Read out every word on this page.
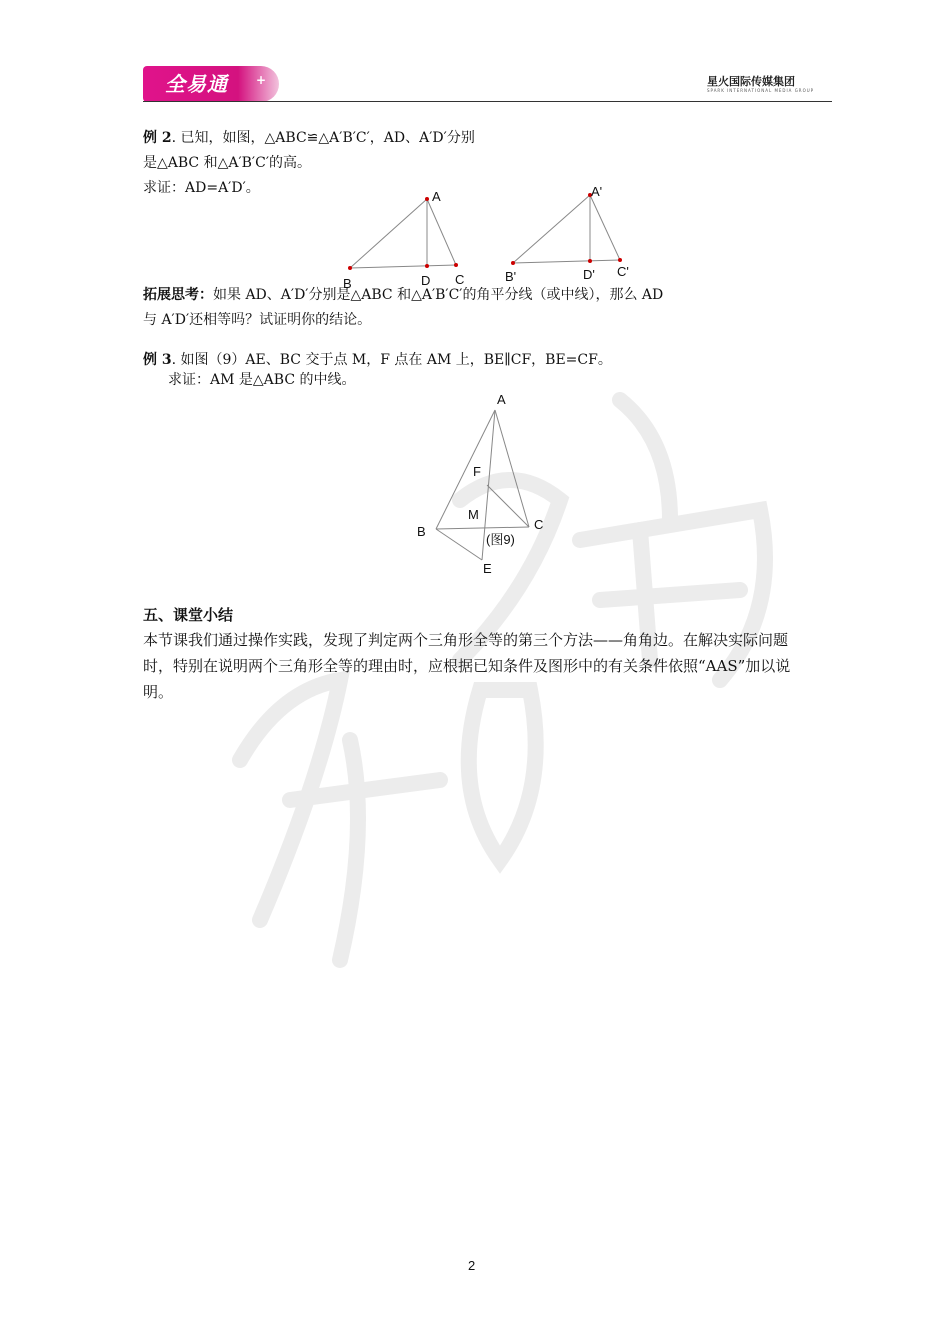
全易通 +	星火国际传媒集团
SPARK INTERNATIONAL MEDIA GROUP
例 2. 已知，如图，△ABC≌△A′B′C′，AD、A′D′分别
是△ABC 和△A′B′C′的高。
求证：AD=A′D′。
A
B	D C
A'
B'	D' C'
拓展思考：如果 AD、A′D′分别是△ABC 和△A′B′C′的角平分线（或中线），那么 AD
与 A′D′还相等吗？试证明你的结论。
例 3. 如图（9）AE、BC 交于点 M，F 点在 AM 上，BE∥CF，BE=CF。
求证：AM 是△ABC 的中线。
A
F
M
B	C
E
(图9)
五、课堂小结
本节课我们通过操作实践，发现了判定两个三角形全等的第三个方法——角角边。在解决实际问题时，特别在说明两个三角形全等的理由时，应根据已知条件及图形中的有关条件依照“AAS”加以说明。
2
